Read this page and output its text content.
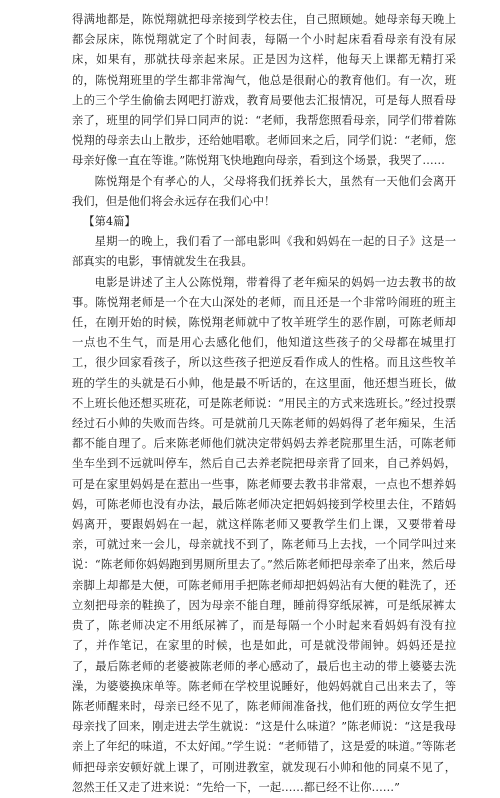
得满地都是，陈悦翔就把母亲接到学校去住，自己照顾她。她母亲每天晚上都会尿床，陈悦翔就定了个时间表，每隔一个小时起床看看母亲有没有尿床，如果有，那就扶母亲起来尿。正是因为这样，他每天上课都无精打采的，陈悦翔班里的学生都非常淘气，他总是很耐心的教育他们。有一次，班上的三个学生偷偷去网吧打游戏，教育局要他去汇报情况，可是每人照看母亲了，班里的同学们异口同声的说：“老师，我帮您照看母亲，同学们带着陈悦翔的母亲去山上散步，还给她唱歌。老师回来之后，同学们说：“老师，您母亲好像一直在等谁。”陈悦翔飞快地跑向母亲，看到这个场景，我哭了……

陈悦翔是个有孝心的人，父母将我们抚养长大，虽然有一天他们会离开我们，但是他们将会永远存在我们心中！

【第4篇】

星期一的晚上，我们看了一部电影叫《我和妈妈在一起的日子》这是一部真实的电影，事情就发生在我县。

电影是讲述了主人公陈悦翔，带着得了老年痴呆的妈妈一边去教书的故事。陈悦翔老师是一个在大山深处的老师，而且还是一个非常吟闹班的班主任，在刚开始的时候，陈悦翔老师就中了牧羊班学生的恶作剧，可陈老师却一点也不生气，而是用心去感化他们，他知道这些孩子的父母都在城里打工，很少回家看孩子，所以这些孩子把逆反看作成人的性格。而且这些牧羊班的学生的头就是石小帅，他是最不听话的，在这里面，他还想当班长，做不上班长他还想买班花，可是陈老师说：“用民主的方式来选班长。”经过投票经过石小帅的失败而告终。可是就前几天陈老师的妈妈得了老年痴呆，生活都不能自理了。后来陈老师他们就决定带妈妈去养老院那里生活，可陈老师坐车坐到不远就叫停车，然后自己去养老院把母亲背了回来，自己养妈妈，可是在家里妈妈是在惹出一些事，陈老师要去教书非常艰，一点也不想养妈妈，可陈老师也没有办法，最后陈老师决定把妈妈接到学校里去住，不踏妈妈离开，要跟妈妈在一起，就这样陈老师又要教学生们上课，又要带着母亲，可就过来一会儿，母亲就找不到了，陈老师马上去找，一个同学叫过来说：“陈老师你妈妈跑到男厕所里去了。”然后陈老师把母亲牵了出来，然后母亲脚上却都是大便，可陈老师用手把陈老师却把妈妈沾有大便的鞋洗了，还立刻把母亲的鞋换了，因为母亲不能自理，睡前得穿纸尿裤，可是纸尿裤太贵了，陈老师决定不用纸尿裤了，而是每隔一个小时起来看妈妈有没有拉了，并作笔记，在家里的时候，也是如此，可是就没带闹钟。妈妈还是拉了，最后陈老师的老婆被陈老师的孝心感动了，最后也主动的带上婆婆去洗澡，为婆婆换床单等。陈老师在学校里说睡好，他妈妈就自己出来去了，等陈老师醒来时，母亲已经不见了，陈老师闹准备找，他们班的两位女学生把母亲找了回来，刚走进去学生就说：“这是什么味道？”陈老师说：“这是我母亲上了年纪的味道，不太好闻。”学生说：“老师错了，这是爱的味道。”等陈老师把母亲安顿好就上课了，可刚进教室，就发现石小帅和他的同桌不见了，忽然王任又走了进来说：“先给一下，一起……都已经不让你……”
